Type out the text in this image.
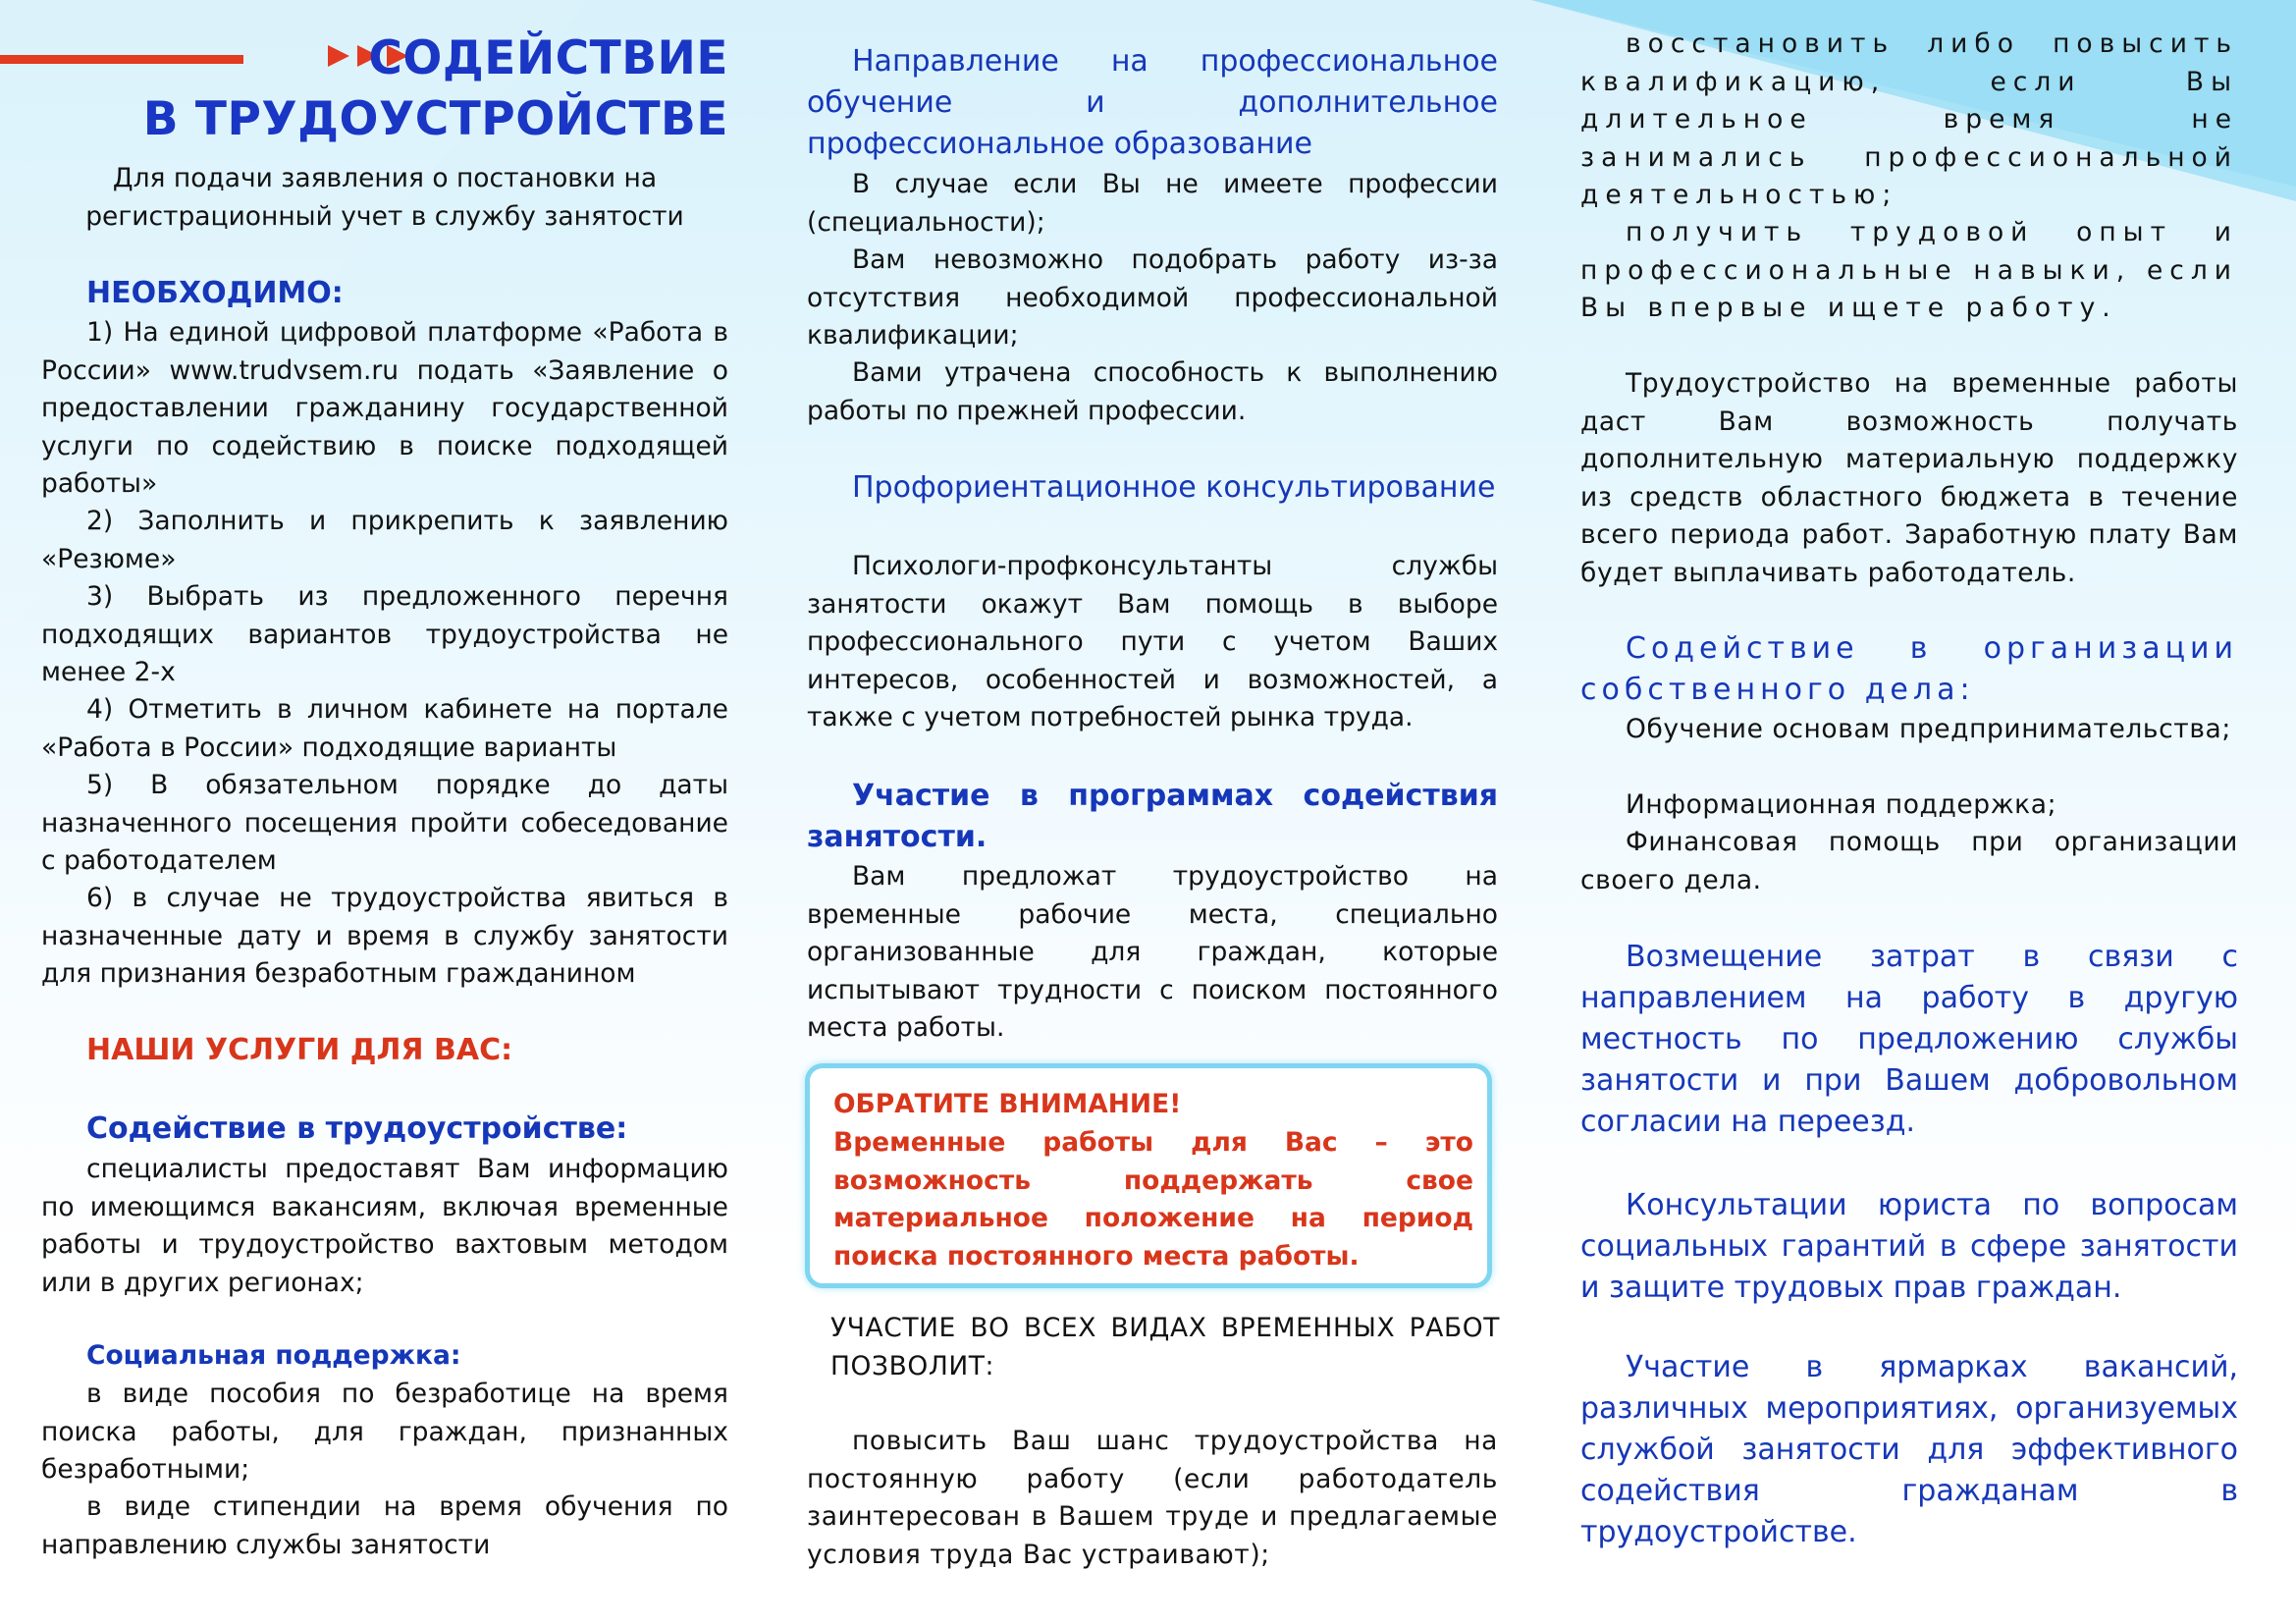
СОДЕЙСТВИЕ
В ТРУДОУСТРОЙСТВЕ
Для подачи заявления о постановки на регистрационный учет в службу занятости
НЕОБХОДИМО:
1) На единой цифровой платформе «Работа в России» www.trudvsem.ru подать «Заявление о предоставлении гражданину государственной услуги по содействию в поиске подходящей работы»
2) Заполнить и прикрепить к заявлению «Резюме»
3) Выбрать из предложенного перечня подходящих вариантов трудоустройства не менее 2-х
4) Отметить в личном кабинете на портале «Работа в России» подходящие варианты
5) В обязательном порядке до даты назначенного посещения пройти собеседование с работодателем
6) в случае не трудоустройства явиться в назначенные дату и время в службу занятости для признания безработным гражданином
НАШИ УСЛУГИ ДЛЯ ВАС:
Содействие в трудоустройстве:
специалисты предоставят Вам информацию по имеющимся вакансиям, включая временные работы и трудоустройство вахтовым методом или в других регионах;
Социальная поддержка:
в виде пособия по безработице на время поиска работы, для граждан, признанных безработными;
в виде стипендии на время обучения по направлению службы занятости
Направление на профессиональное обучение и дополнительное профессиональное образование
В случае если Вы не имеете профессии (специальности);
Вам невозможно подобрать работу из-за отсутствия необходимой профессиональной квалификации;
Вами утрачена способность к выполнению работы по прежней профессии.
Профориентационное консультирование
Психологи-профконсультанты службы занятости окажут Вам помощь в выборе профессионального пути с учетом Ваших интересов, особенностей и возможностей, а также с учетом потребностей рынка труда.
Участие в программах содействия занятости.
Вам предложат трудоустройство на временные рабочие места, специально организованные для граждан, которые испытывают трудности с поиском постоянного места работы.
УЧАСТИЕ ВО ВСЕХ ВИДАХ ВРЕМЕННЫХ РАБОТ ПОЗВОЛИТ:
повысить Ваш шанс трудоустройства на постоянную работу (если работодатель заинтересован в Вашем труде и предлагаемые условия труда Вас устраивают);
ОБРАТИТЕ ВНИМАНИЕ!
Временные работы для Вас – это возможность поддержать свое материальное положение на период поиска постоянного места работы.
восстановить либо повысить квалификацию, если Вы длительное время не занимались профессиональной деятельностью;
получить трудовой опыт и профессиональные навыки, если Вы впервые ищете работу.
Трудоустройство на временные работы даст Вам возможность получать дополнительную материальную поддержку из средств областного бюджета в течение всего периода работ. Заработную плату Вам будет выплачивать работодатель.
Содействие в организации собственного дела:
Обучение основам предпринимательства;
Информационная поддержка;
Финансовая помощь при организации своего дела.
Возмещение затрат в связи с направлением на работу в другую местность по предложению службы занятости и при Вашем добровольном согласии на переезд.
Консультации юриста по вопросам социальных гарантий в сфере занятости и защите трудовых прав граждан.
Участие в ярмарках вакансий, различных мероприятиях, организуемых службой занятости для эффективного содействия гражданам в трудоустройстве.
